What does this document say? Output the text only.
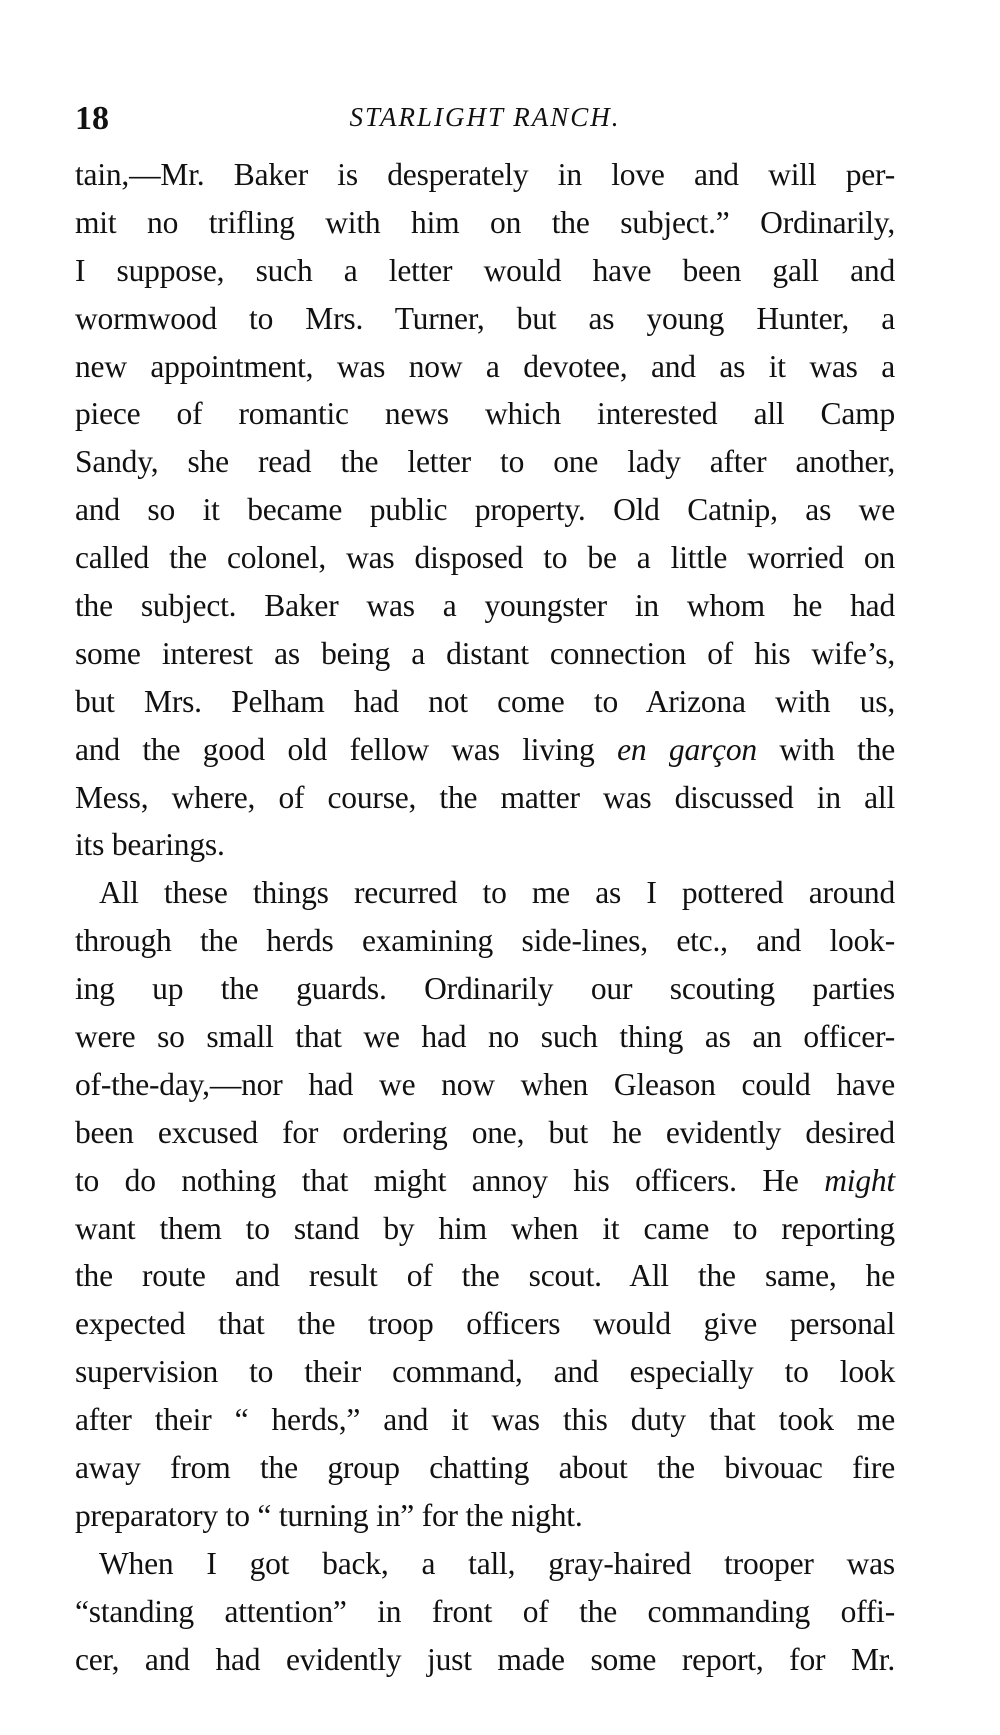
18	STARLIGHT RANCH.
tain,—Mr. Baker is desperately in love and will per-
mit no trifling with him on the subject.” Ordinarily,
I suppose, such a letter would have been gall and
wormwood to Mrs. Turner, but as young Hunter, a
new appointment, was now a devotee, and as it was a
piece of romantic news which interested all Camp
Sandy, she read the letter to one lady after another,
and so it became public property. Old Catnip, as we
called the colonel, was disposed to be a little worried on
the subject. Baker was a youngster in whom he had
some interest as being a distant connection of his wife’s,
but Mrs. Pelham had not come to Arizona with us,
and the good old fellow was living en garçon with the
Mess, where, of course, the matter was discussed in all
its bearings.
All these things recurred to me as I pottered around
through the herds examining side-lines, etc., and look-
ing up the guards. Ordinarily our scouting parties
were so small that we had no such thing as an officer-
of-the-day,—nor had we now when Gleason could have
been excused for ordering one, but he evidently desired
to do nothing that might annoy his officers. He might
want them to stand by him when it came to reporting
the route and result of the scout. All the same, he
expected that the troop officers would give personal
supervision to their command, and especially to look
after their “ herds,” and it was this duty that took me
away from the group chatting about the bivouac fire
preparatory to “ turning in” for the night.
When I got back, a tall, gray-haired trooper was
“standing attention” in front of the commanding offi-
cer, and had evidently just made some report, for Mr.
